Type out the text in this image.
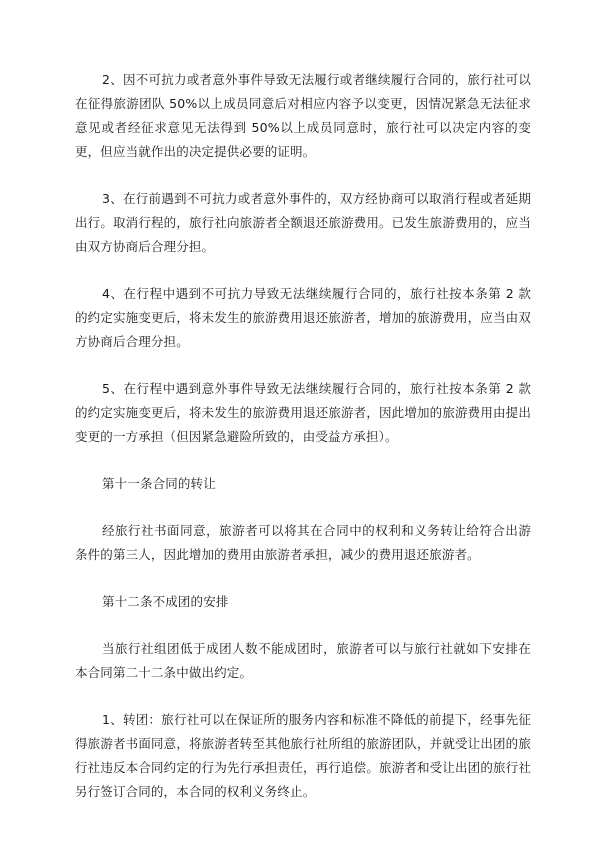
2、因不可抗力或者意外事件导致无法履行或者继续履行合同的，旅行社可以在征得旅游团队 50%以上成员同意后对相应内容予以变更，因情况紧急无法征求意见或者经征求意见无法得到 50%以上成员同意时，旅行社可以决定内容的变更，但应当就作出的决定提供必要的证明。

3、在行前遇到不可抗力或者意外事件的，双方经协商可以取消行程或者延期出行。取消行程的，旅行社向旅游者全额退还旅游费用。已发生旅游费用的，应当由双方协商后合理分担。

4、在行程中遇到不可抗力导致无法继续履行合同的，旅行社按本条第 2 款的约定实施变更后，将未发生的旅游费用退还旅游者，增加的旅游费用，应当由双方协商后合理分担。

5、在行程中遇到意外事件导致无法继续履行合同的，旅行社按本条第 2 款的约定实施变更后，将未发生的旅游费用退还旅游者，因此增加的旅游费用由提出变更的一方承担（但因紧急避险所致的，由受益方承担）。

第十一条合同的转让

经旅行社书面同意，旅游者可以将其在合同中的权利和义务转让给符合出游条件的第三人，因此增加的费用由旅游者承担，减少的费用退还旅游者。

第十二条不成团的安排

当旅行社组团低于成团人数不能成团时，旅游者可以与旅行社就如下安排在本合同第二十二条中做出约定。

1、转团：旅行社可以在保证所的服务内容和标准不降低的前提下，经事先征得旅游者书面同意，将旅游者转至其他旅行社所组的旅游团队，并就受让出团的旅行社违反本合同约定的行为先行承担责任，再行追偿。旅游者和受让出团的旅行社另行签订合同的，本合同的权利义务终止。
